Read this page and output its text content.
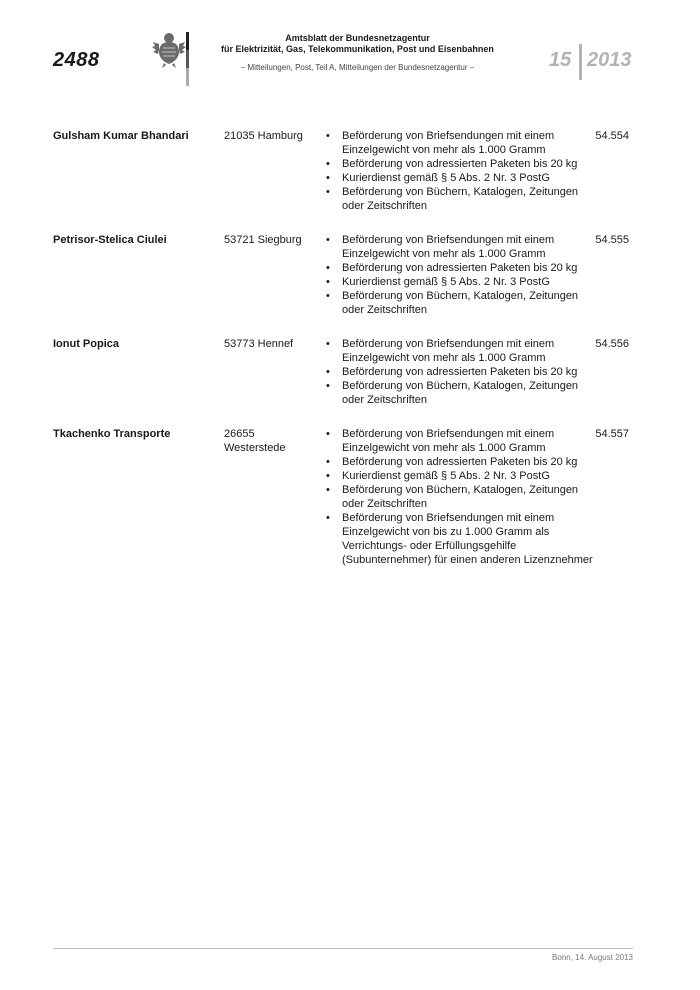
2488
Amtsblatt der Bundesnetzagentur
für Elektrizität, Gas, Telekommunikation, Post und Eisenbahnen
– Mitteilungen, Post, Teil A, Mitteilungen der Bundesnetzagentur –	15 2013
Gulsham Kumar Bhandari	21035 Hamburg	• Beförderung von Briefsendungen mit einem Einzelgewicht von mehr als 1.000 Gramm
• Beförderung von adressierten Paketen bis 20 kg
• Kurierdienst gemäß § 5 Abs. 2 Nr. 3 PostG
• Beförderung von Büchern, Katalogen, Zeitungen oder Zeitschriften
54.554
Petrisor-Stelica Ciulei	53721 Siegburg	• Beförderung von Briefsendungen mit einem Einzelgewicht von mehr als 1.000 Gramm
• Beförderung von adressierten Paketen bis 20 kg
• Kurierdienst gemäß § 5 Abs. 2 Nr. 3 PostG
• Beförderung von Büchern, Katalogen, Zeitungen oder Zeitschriften
54.555
Ionut Popica	53773 Hennef	• Beförderung von Briefsendungen mit einem Einzelgewicht von mehr als 1.000 Gramm
• Beförderung von adressierten Paketen bis 20 kg
• Beförderung von Büchern, Katalogen, Zeitungen oder Zeitschriften
54.556
Tkachenko Transporte	26655 Westerstede
• Beförderung von Briefsendungen mit einem Einzelgewicht von mehr als 1.000 Gramm
• Beförderung von adressierten Paketen bis 20 kg
• Kurierdienst gemäß § 5 Abs. 2 Nr. 3 PostG
• Beförderung von Büchern, Katalogen, Zeitungen oder Zeitschriften
• Beförderung von Briefsendungen mit einem Einzelgewicht von bis zu 1.000 Gramm als Verrichtungs- oder Erfüllungsgehilfe (Subunternehmer) für einen anderen Lizenznehmer
54.557
Bonn, 14. August 2013
